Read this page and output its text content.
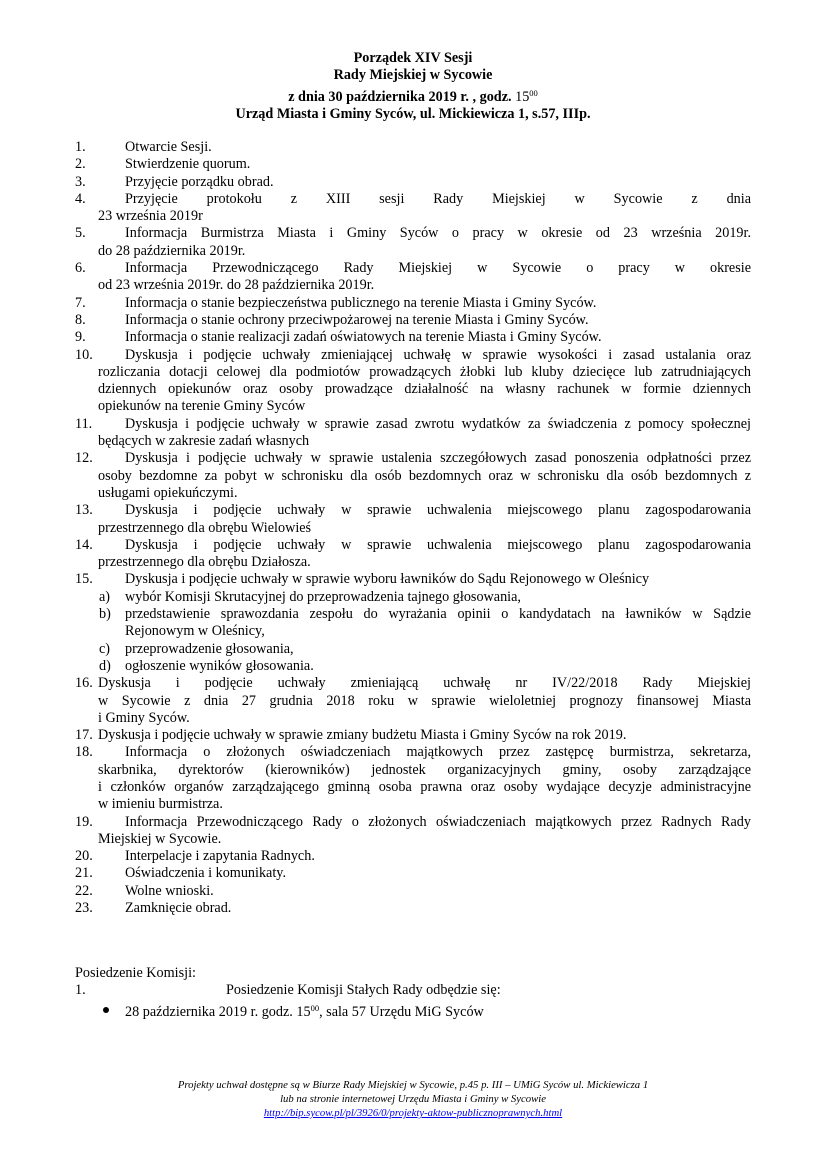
Porządek XIV Sesji
Rady Miejskiej w Sycowie
z dnia 30 października 2019 r. , godz. $15^{00}$
Urząd Miasta i Gminy Syców, ul. Mickiewicza 1, s.57, IIIp.
1.	Otwarcie Sesji.
2.	Stwierdzenie quorum.
3.	Przyjęcie porządku obrad.
4.	Przyjęcie protokołu z XIII sesji Rady Miejskiej w Sycowie z dnia
23 września 2019r
5.	Informacja Burmistrza Miasta i Gminy Syców o pracy w okresie od 23 września 2019r.
do 28 października 2019r.
6.	Informacja Przewodniczącego Rady Miejskiej w Sycowie o pracy w okresie
od 23 września 2019r. do 28 października 2019r.
7.	Informacja o stanie bezpieczeństwa publicznego na terenie Miasta i Gminy Syców.
8.	Informacja o stanie ochrony przeciwpożarowej na terenie Miasta i Gminy Syców.
9.	Informacja o stanie realizacji zadań oświatowych na terenie Miasta i Gminy Syców.
10. Dyskusja i podjęcie uchwały zmieniającej uchwałę w sprawie wysokości i zasad ustalania oraz
rozliczania dotacji celowej dla podmiotów prowadzących żłobki lub kluby dziecięce lub zatrudniających
dziennych opiekunów oraz osoby prowadzące działalność na własny rachunek w formie dziennych
opiekunów na terenie Gminy Syców
11. Dyskusja i podjęcie uchwały w sprawie zasad zwrotu wydatków za świadczenia z pomocy społecznej
będących w zakresie zadań własnych
12. Dyskusja i podjęcie uchwały w sprawie ustalenia szczegółowych zasad ponoszenia odpłatności przez
osoby bezdomne za pobyt w schronisku dla osób bezdomnych oraz w schronisku dla osób bezdomnych z
usługami opiekuńczymi.
13. Dyskusja i podjęcie uchwały w sprawie uchwalenia miejscowego planu zagospodarowania
przestrzennego dla obrębu Wielowieś
14. Dyskusja i podjęcie uchwały w sprawie uchwalenia miejscowego planu zagospodarowania
przestrzennego dla obrębu Działosza.
15. Dyskusja i podjęcie uchwały w sprawie wyboru ławników do Sądu Rejonowego w Oleśnicy
a) wybór Komisji Skrutacyjnej do przeprowadzenia tajnego głosowania,
b) przedstawienie sprawozdania zespołu do wyrażania opinii o kandydatach na ławników w Sądzie
Rejonowym w Oleśnicy,
c) przeprowadzenie głosowania,
d) ogłoszenie wyników głosowania.
16. Dyskusja i podjęcie uchwały zmieniającą uchwałę nr IV/22/2018 Rady Miejskiej
w Sycowie z dnia 27 grudnia 2018 roku w sprawie wieloletniej prognozy finansowej Miasta
i Gminy Syców.
17. Dyskusja i podjęcie uchwały w sprawie zmiany budżetu Miasta i Gminy Syców na rok 2019.
18. Informacja o złożonych oświadczeniach majątkowych przez zastępcę burmistrza, sekretarza,
skarbnika, dyrektorów (kierowników) jednostek organizacyjnych gminy, osoby zarządzające
i członków organów zarządzającego gminną osoba prawna oraz osoby wydające decyzje administracyjne
w imieniu burmistrza.
19. Informacja Przewodniczącego Rady o złożonych oświadczeniach majątkowych przez Radnych Rady
Miejskiej w Sycowie.
20. Interpelacje i zapytania Radnych.
21. Oświadczenia i komunikaty.
22. Wolne wnioski.
23. Zamknięcie obrad.
Posiedzenie Komisji:
1.	Posiedzenie Komisji Stałych Rady odbędzie się:
28 października 2019 r. godz. $15^{00}$, sala 57 Urzędu MiG Syców
Projekty uchwał dostępne są w Biurze Rady Miejskiej w Sycowie, p.45 p. III – UMiG Syców ul. Mickiewicza 1
lub na stronie internetowej Urzędu Miasta i Gminy w Sycowie
http://bip.sycow.pl/pl/3926/0/projekty-aktow-publicznoprawnych.html
